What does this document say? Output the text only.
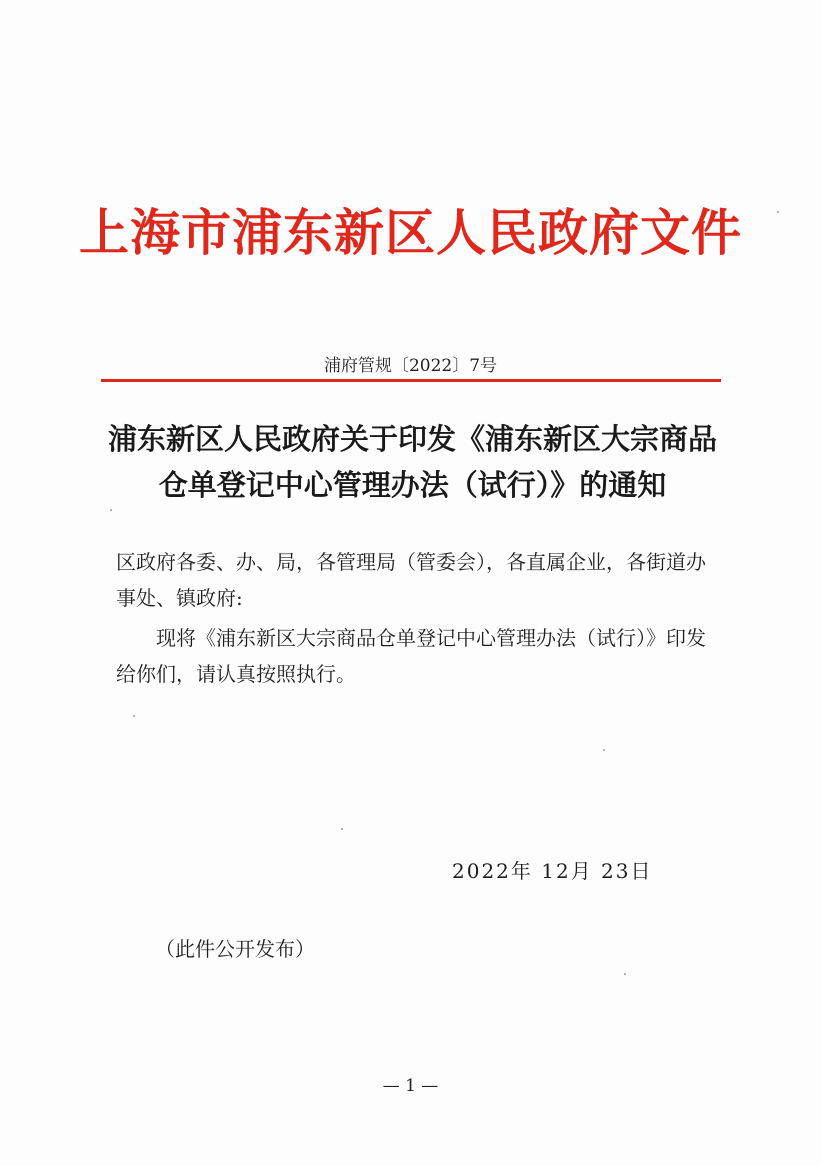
上海市浦东新区人民政府文件
浦府管规〔2022〕7号
浦东新区人民政府关于印发《浦东新区大宗商品仓单登记中心管理办法（试行）》的通知
区政府各委、办、局，各管理局（管委会），各直属企业，各街道办事处、镇政府:
现将《浦东新区大宗商品仓单登记中心管理办法（试行）》印发给你们，请认真按照执行。
2022年 12月 23日
（此件公开发布）
— 1 —
